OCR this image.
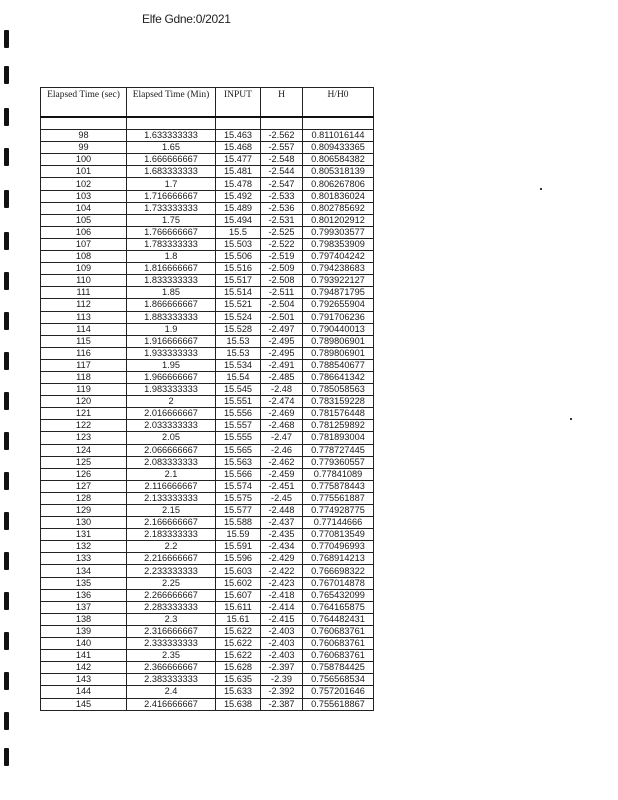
Elfe Gdne:0/2021
Elapsed Time (sec)	Elapsed Time (Min)	INPUT	H	H/H0

98	1.633333333	15.463	-2.562	0.811016144
99	1.65	15.468	-2.557	0.809433365
100	1.666666667	15.477	-2.548	0.806584382
101	1.683333333	15.481	-2.544	0.805318139
102	1.7	15.478	-2.547	0.806267806
103	1.716666667	15.492	-2.533	0.801836024
104	1.733333333	15.489	-2.536	0.802785692
105	1.75	15.494	-2.531	0.801202912
106	1.766666667	15.5	-2.525	0.799303577
107	1.783333333	15.503	-2.522	0.798353909
108	1.8	15.506	-2.519	0.797404242
109	1.816666667	15.516	-2.509	0.794238683
110	1.833333333	15.517	-2.508	0.793922127
111	1.85	15.514	-2.511	0.794871795
112	1.866666667	15.521	-2.504	0.792655904
113	1.883333333	15.524	-2.501	0.791706236
114	1.9	15.528	-2.497	0.790440013
115	1.916666667	15.53	-2.495	0.789806901
116	1.933333333	15.53	-2.495	0.789806901
117	1.95	15.534	-2.491	0.788540677
118	1.966666667	15.54	-2.485	0.786641342
119	1.983333333	15.545	-2.48	0.785058563
120	2	15.551	-2.474	0.783159228
121	2.016666667	15.556	-2.469	0.781576448
122	2.033333333	15.557	-2.468	0.781259892
123	2.05	15.555	-2.47	0.781893004
124	2.066666667	15.565	-2.46	0.778727445
125	2.083333333	15.563	-2.462	0.779360557
126	2.1	15.566	-2.459	0.77841089
127	2.116666667	15.574	-2.451	0.775878443
128	2.133333333	15.575	-2.45	0.775561887
129	2.15	15.577	-2.448	0.774928775
130	2.166666667	15.588	-2.437	0.77144666
131	2.183333333	15.59	-2.435	0.770813549
132	2.2	15.591	-2.434	0.770496993
133	2.216666667	15.596	-2.429	0.768914213
134	2.233333333	15.603	-2.422	0.766698322
135	2.25	15.602	-2.423	0.767014878
136	2.266666667	15.607	-2.418	0.765432099
137	2.283333333	15.611	-2.414	0.764165875
138	2.3	15.61	-2.415	0.764482431
139	2.316666667	15.622	-2.403	0.760683761
140	2.333333333	15.622	-2.403	0.760683761
141	2.35	15.622	-2.403	0.760683761
142	2.366666667	15.628	-2.397	0.758784425
143	2.383333333	15.635	-2.39	0.756568534
144	2.4	15.633	-2.392	0.757201646
145	2.416666667	15.638	-2.387	0.755618867
